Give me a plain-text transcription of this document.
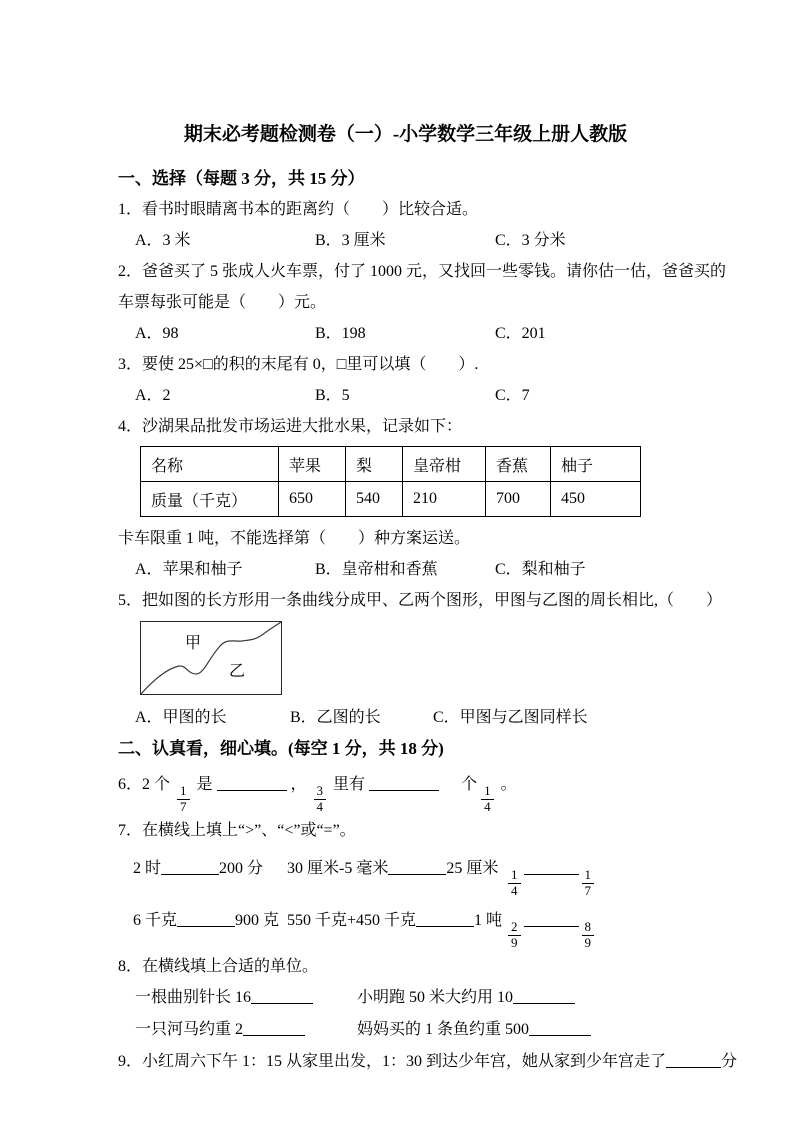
期末必考题检测卷（一）-小学数学三年级上册人教版
一、选择（每题 3 分，共 15 分）
1．看书时眼睛离书本的距离约（　　）比较合适。
A．3 米	B．3 厘米	C．3 分米
2．爸爸买了 5 张成人火车票，付了 1000 元，又找回一些零钱。请你估一估，爸爸买的
车票每张可能是（　　）元。
A．98	B．198	C．201
3．要使 25×□的积的末尾有 0，□里可以填（　　）.
A．2	B．5	C．7
4．沙湖果品批发市场运进大批水果，记录如下：
名称	苹果	梨	皇帝柑	香蕉	柚子
质量（千克）	650	540	210	700	450
卡车限重 1 吨，不能选择第（　　）种方案运送。
A．苹果和柚子	B．皇帝柑和香蕉	C．梨和柚子
5．把如图的长方形用一条曲线分成甲、乙两个图形，甲图与乙图的周长相比,（　　）
甲
乙
A．甲图的长	B．乙图的长	C．甲图与乙图同样长
二、认真看，细心填。(每空 1 分，共 18 分)
6．2 个 $\frac{1}{7}$ 是	， $\frac{3}{4}$ 里有	个 $\frac{1}{4}$ 。
7．在横线上填上“>”、“<”或“=”。
2 时	200 分	30 厘米-5 毫米	25 厘米 $\frac{1}{4}$	$\frac{1}{7}$
6 千克	900 克 550 千克+450 千克	1 吨 $\frac{2}{9}$	$\frac{8}{9}$
8．在横线填上合适的单位。
一根曲别针长 16	小明跑 50 米大约用 10
一只河马约重 2	妈妈买的 1 条鱼约重 500
9．小红周六下午 1：15 从家里出发，1：30 到达少年宫，她从家到少年宫走了	分
